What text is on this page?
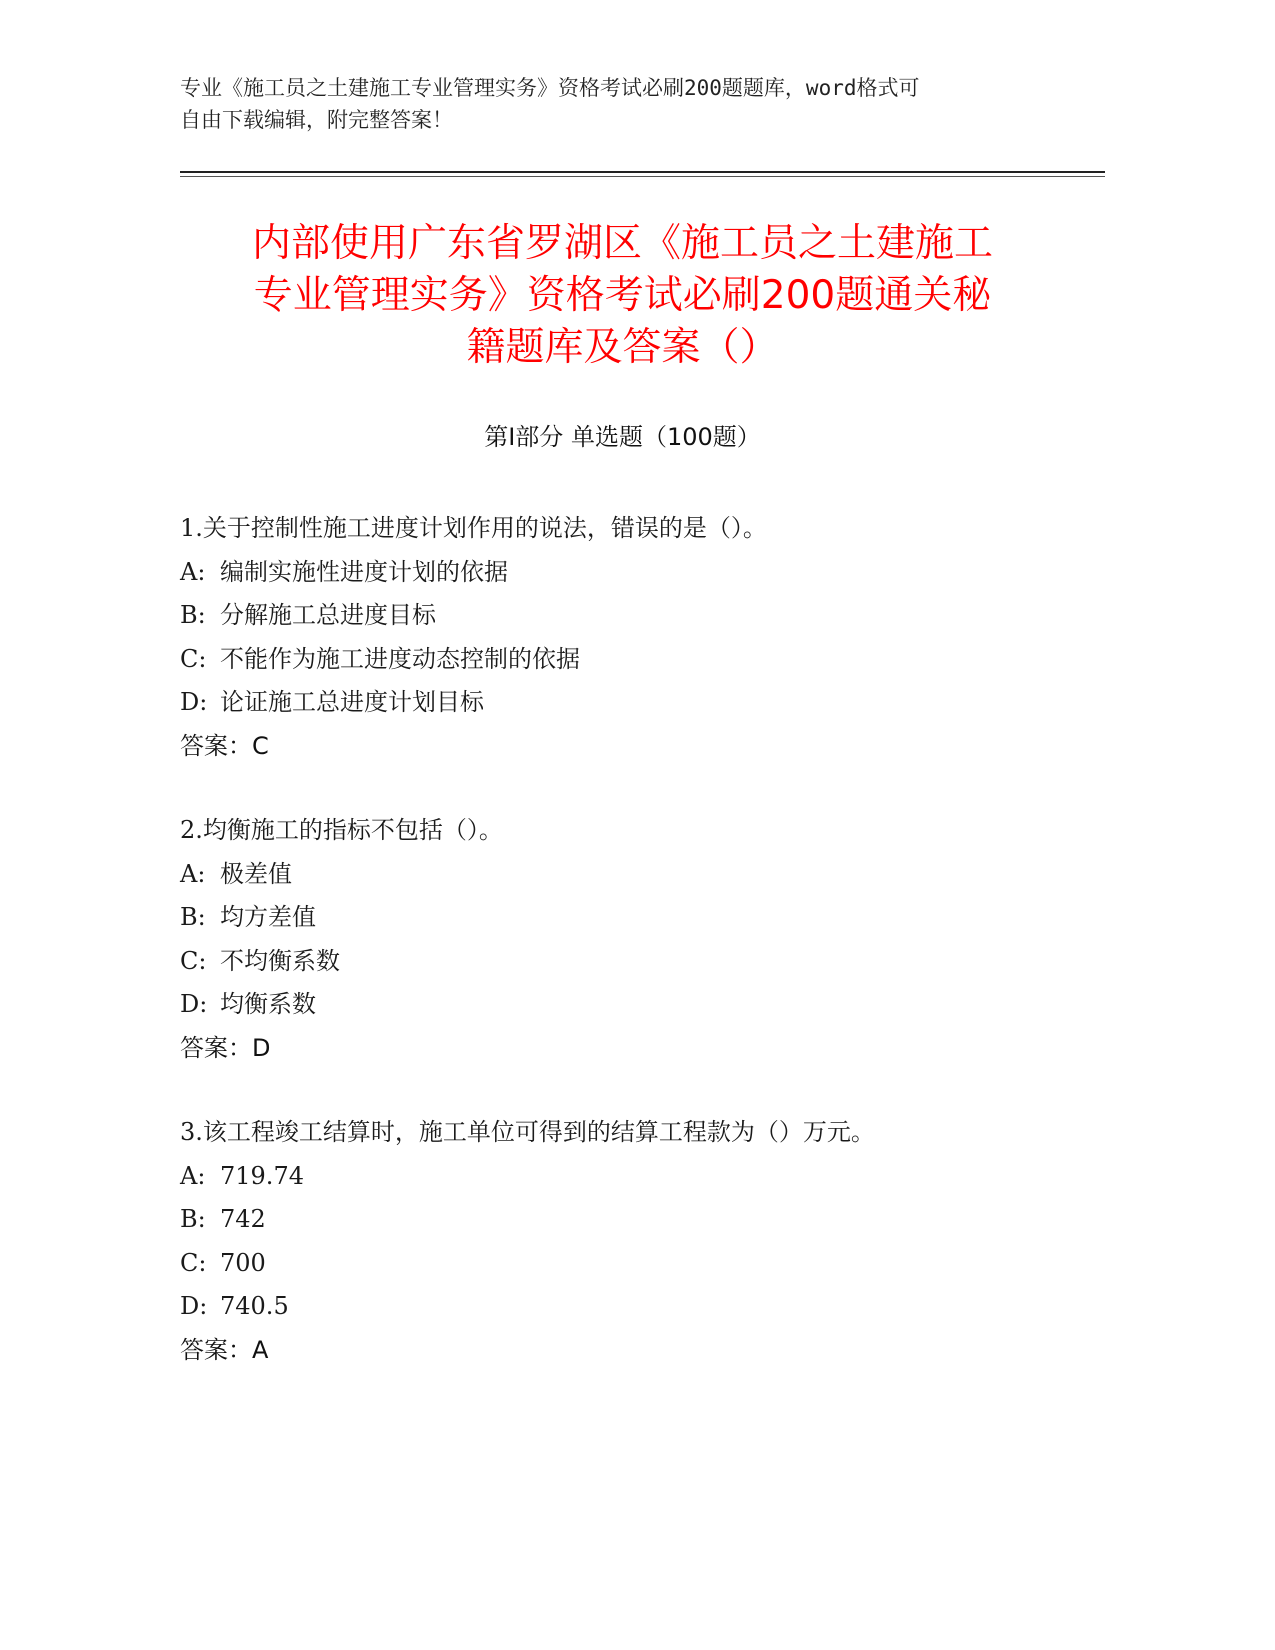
专业《施工员之土建施工专业管理实务》资格考试必刷200题题库，word格式可
自由下载编辑，附完整答案！
内部使用广东省罗湖区《施工员之土建施工
专业管理实务》资格考试必刷200题通关秘
籍题库及答案（）
第Ⅰ部分 单选题（100题）
1.关于控制性施工进度计划作用的说法，错误的是（）。
A: 编制实施性进度计划的依据
B: 分解施工总进度目标
C: 不能作为施工进度动态控制的依据
D: 论证施工总进度计划目标
答案：C
2.均衡施工的指标不包括（）。
A: 极差值
B: 均方差值
C: 不均衡系数
D: 均衡系数
答案：D
3.该工程竣工结算时，施工单位可得到的结算工程款为（）万元。
A: 719.74
B: 742
C: 700
D: 740.5
答案：A
